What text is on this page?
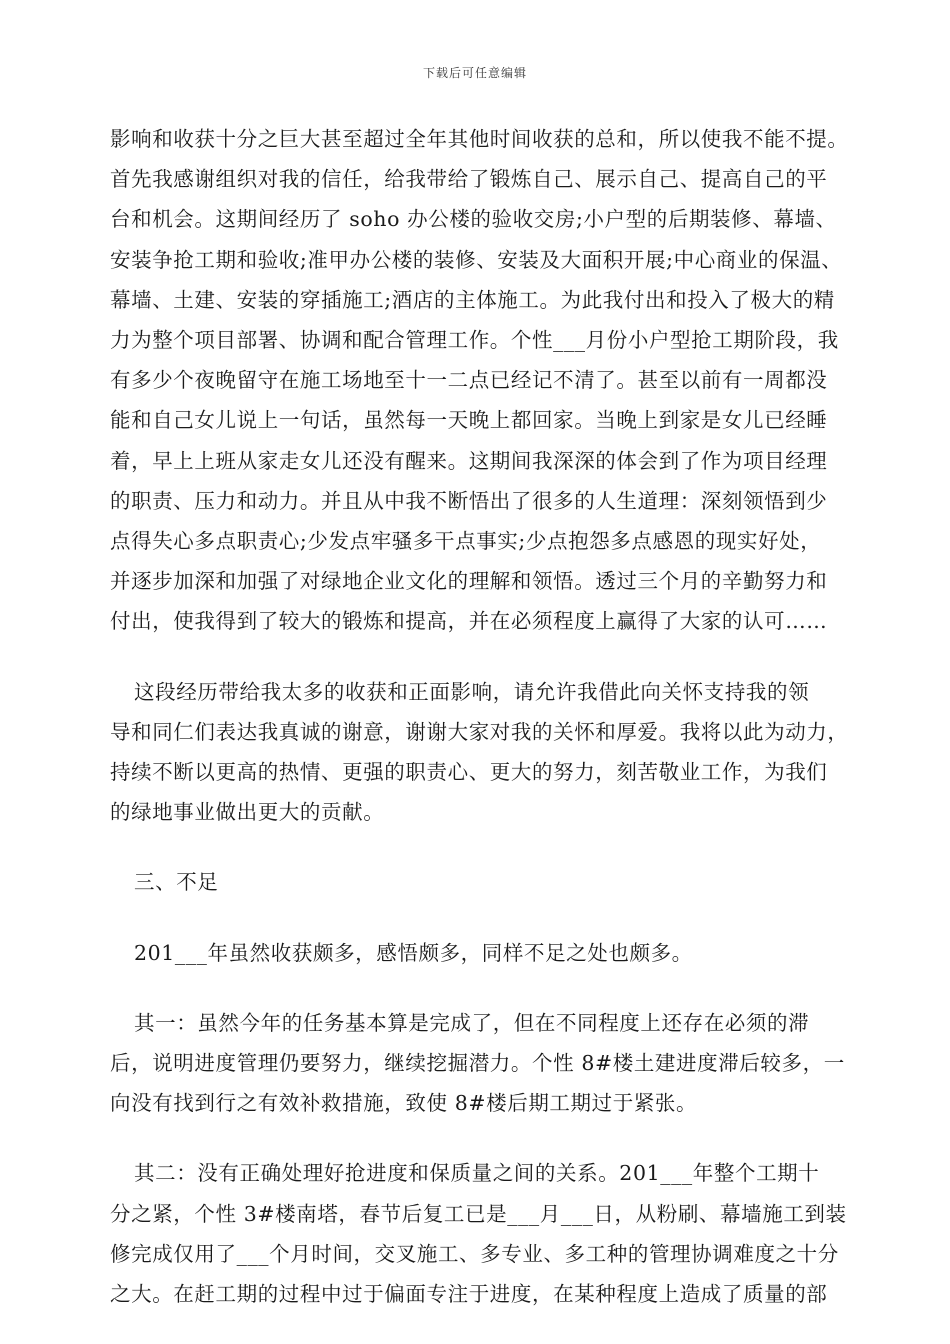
下载后可任意编辑

影响和收获十分之巨大甚至超过全年其他时间收获的总和，所以使我不能不提。

首先我感谢组织对我的信任，给我带给了锻炼自己、展示自己、提高自己的平

台和机会。这期间经历了 soho 办公楼的验收交房;小户型的后期装修、幕墙、

安装争抢工期和验收;准甲办公楼的装修、安装及大面积开展;中心商业的保温、

幕墙、土建、安装的穿插施工;酒店的主体施工。为此我付出和投入了极大的精

力为整个项目部署、协调和配合管理工作。个性___月份小户型抢工期阶段，我

有多少个夜晚留守在施工场地至十一二点已经记不清了。甚至以前有一周都没

能和自己女儿说上一句话，虽然每一天晚上都回家。当晚上到家是女儿已经睡

着，早上上班从家走女儿还没有醒来。这期间我深深的体会到了作为项目经理

的职责、压力和动力。并且从中我不断悟出了很多的人生道理：深刻领悟到少

点得失心多点职责心;少发点牢骚多干点事实;少点抱怨多点感恩的现实好处，

并逐步加深和加强了对绿地企业文化的理解和领悟。透过三个月的辛勤努力和

付出，使我得到了较大的锻炼和提高，并在必须程度上赢得了大家的认可……

这段经历带给我太多的收获和正面影响，请允许我借此向关怀支持我的领

导和同仁们表达我真诚的谢意，谢谢大家对我的关怀和厚爱。我将以此为动力，

持续不断以更高的热情、更强的职责心、更大的努力，刻苦敬业工作，为我们

的绿地事业做出更大的贡献。

三、不足

201___年虽然收获颇多，感悟颇多，同样不足之处也颇多。

其一：虽然今年的任务基本算是完成了，但在不同程度上还存在必须的滞

后，说明进度管理仍要努力，继续挖掘潜力。个性 8#楼土建进度滞后较多，一

向没有找到行之有效补救措施，致使 8#楼后期工期过于紧张。

其二：没有正确处理好抢进度和保质量之间的关系。201___年整个工期十

分之紧，个性 3#楼南塔，春节后复工已是___月___日，从粉刷、幕墙施工到装

修完成仅用了___个月时间，交叉施工、多专业、多工种的管理协调难度之十分

之大。在赶工期的过程中过于偏面专注于进度，在某种程度上造成了质量的部
